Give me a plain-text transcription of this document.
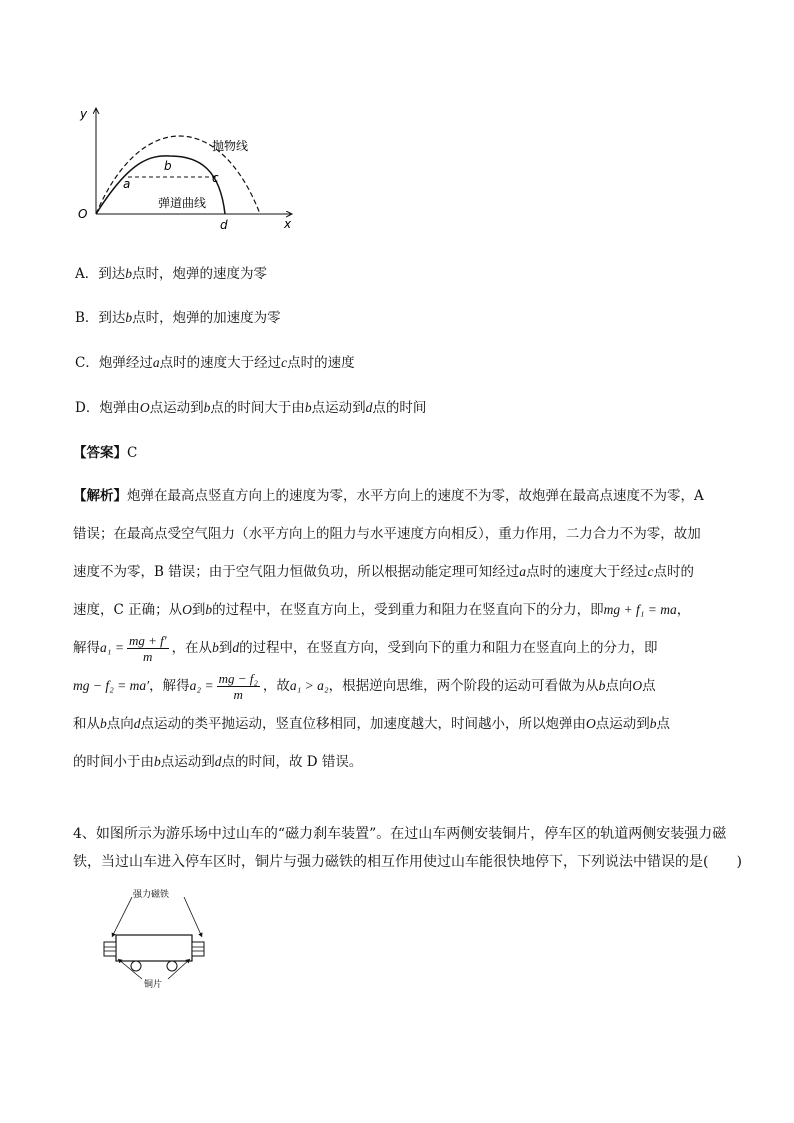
y
x
O
抛物线
弹道曲线
a
b
c
d
A．到达b点时，炮弹的速度为零
B．到达b点时，炮弹的加速度为零
C．炮弹经过a点时的速度大于经过c点时的速度
D．炮弹由O点运动到b点的时间大于由b点运动到d点的时间
【答案】C
【解析】炮弹在最高点竖直方向上的速度为零，水平方向上的速度不为零，故炮弹在最高点速度不为零，A
错误；在最高点受空气阻力（水平方向上的阻力与水平速度方向相反），重力作用，二力合力不为零，故加
速度不为零，B 错误；由于空气阻力恒做负功，所以根据动能定理可知经过a点时的速度大于经过c点时的
速度，C 正确；从O到b的过程中，在竖直方向上，受到重力和阻力在竖直向下的分力，即mg + f₁ = ma，
解得$a_1 = \frac{mg + f'}{m}$ ，在从b到d的过程中，在竖直方向，受到向下的重力和阻力在竖直向上的分力，即
mg − f₂ = ma′，解得$a_2 = \frac{\text{mg − f₂}}{m}$ ，故a₁ > a₂，根据逆向思维，两个阶段的运动可看做为从b点向O点
和从b点向d点运动的类平抛运动，竖直位移相同，加速度越大，时间越小，所以炮弹由O点运动到b点
的时间小于由b点运动到d点的时间，故 D 错误。
4、如图所示为游乐场中过山车的“磁力刹车装置”。在过山车两侧安装铜片，停车区的轨道两侧安装强力磁
铁，当过山车进入停车区时，铜片与强力磁铁的相互作用使过山车能很快地停下，下列说法中错误的是(　　)
强力磁铁
铜片
